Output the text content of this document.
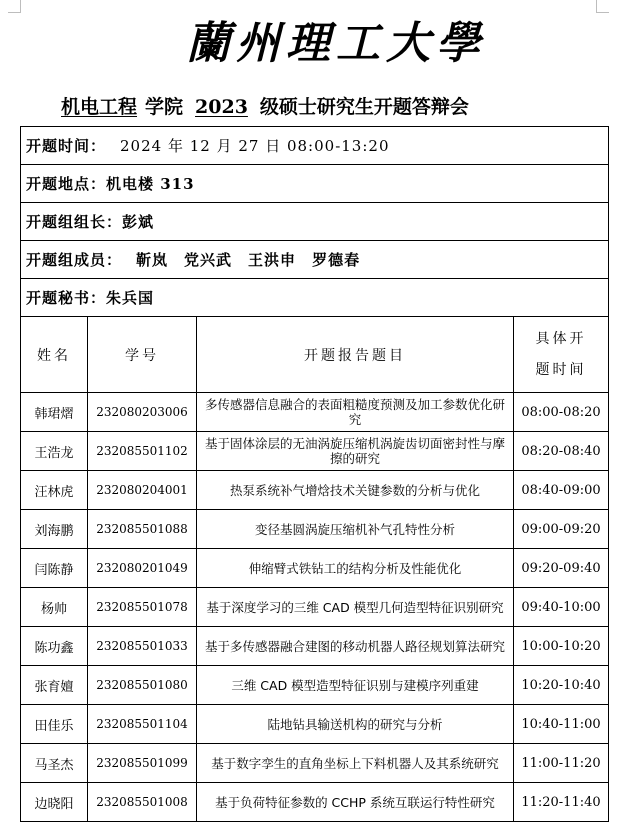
蘭州理工大學
机电工程 学院 2023 级硕士研究生开题答辩会
开题时间： 2024 年 12 月 27 日 08:00-13:20			
开题地点：机电楼 313			
开题组组长：彭斌			
开题组成员： 靳岚 党兴武 王洪申 罗德春			
开题秘书：朱兵国			
姓名	学号	开题报告题目	具体开
题时间
韩珺熠	232080203006	多传感器信息融合的表面粗糙度预测及加工参数优化研究	08:00-08:20
王浩龙	232085501102	基于固体涂层的无油涡旋压缩机涡旋齿切面密封性与摩擦的研究	08:20-08:40
汪林虎	232080204001	热泵系统补气增焓技术关键参数的分析与优化	08:40-09:00
刘海鹏	232085501088	变径基圆涡旋压缩机补气孔特性分析	09:00-09:20
闫陈静	232080201049	伸缩臂式铁钻工的结构分析及性能优化	09:20-09:40
杨帅	232085501078	基于深度学习的三维 CAD 模型几何造型特征识别研究	09:40-10:00
陈功鑫	232085501033	基于多传感器融合建图的移动机器人路径规划算法研究	10:00-10:20
张育嬗	232085501080	三维 CAD 模型造型特征识别与建模序列重建	10:20-10:40
田佳乐	232085501104	陆地钻具输送机构的研究与分析	10:40-11:00
马圣杰	232085501099	基于数字孪生的直角坐标上下料机器人及其系统研究	11:00-11:20
边晓阳	232085501008	基于负荷特征参数的 CCHP 系统互联运行特性研究	11:20-11:40
